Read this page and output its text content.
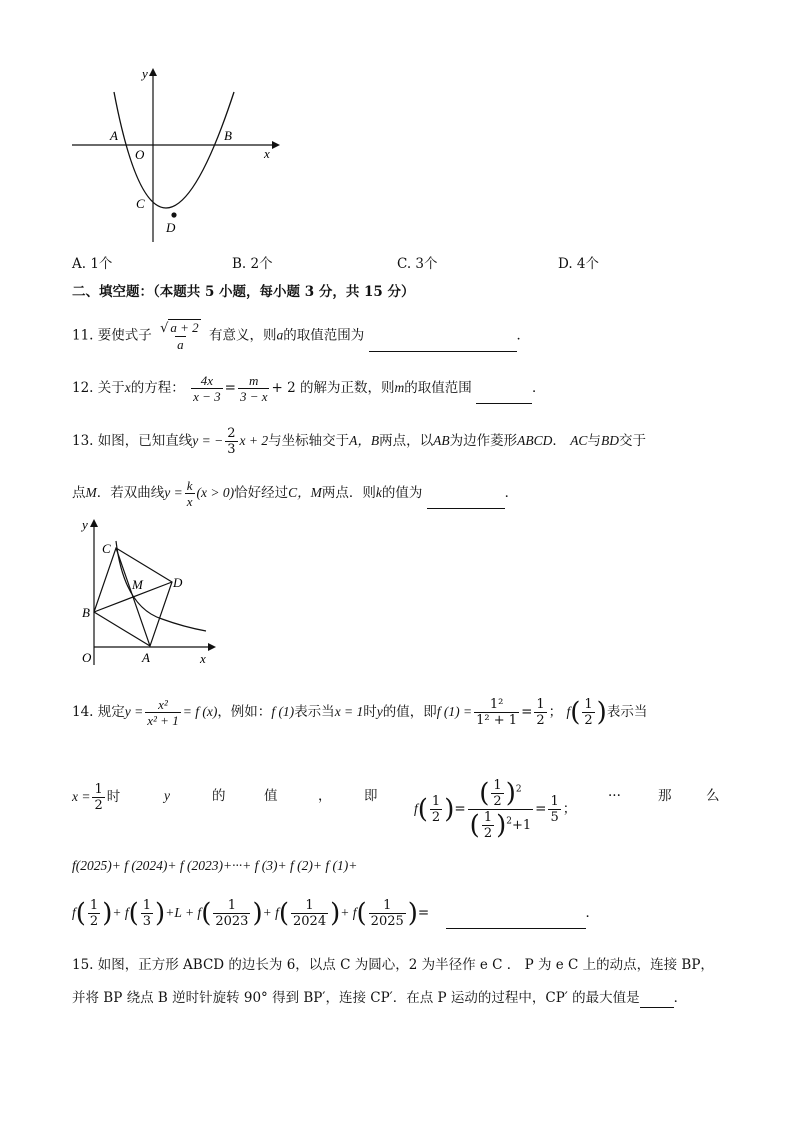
y
x
A	B
O
C
D
A. 1个	B. 2个	C. 3个	D. 4个
二、填空题：（本题共 5 小题，每小题 3 分，共 15 分）
11. 要使式子 $\frac{√ a + 2}{a}$ 有意义，则a的取值范围为	．
12. 关于x的方程： $\frac{4x}{x - 3} = \frac{m}{3 - x} + 2$ 的解为正数，则m的取值范围	．
13. 如图，已知直线y = − $\frac{2}{3}$ x + 2与坐标轴交于A，B两点，以AB为边作菱形ABCD． AC与BD交于
点M．若双曲线$y = \frac{k}{x} (x > 0)$恰好经过C，M两点．则k的值为	．
y
x
C
M D
B
O	A
14. 规定$y = \frac{\text{x²}}{\text{x² + 1}} = f$ (x)，例如：f (1)表示当x = 1时y的值，即f $(1) = \frac{\text{1²}}{\text{1² + 1}} = \frac{1}{2}$ ； $f( \frac{1}{2}$ )表示当
$x = \frac{1}{2}$ 时	y	的	值	， 即
$f( \frac{1}{2}$ )= $\frac{( \frac{1}{2} )^2}{( \frac{1}{2} )^2+1} = \frac{1}{5}$ ；
···	那	么
f(2025)+ f (2024)+ f (2023)+···+ f (3)+ f (2)+ f (1)+
$f( \frac{1}{2}$ )+ $f( \frac{1}{3} )+L + f( \frac{1}{2023}$ )+ $f( \frac{1}{2024}$ )+ $f( \frac{1}{2025}$ )=	．
15. 如图，正方形 ABCD 的边长为 6，以点 C 为圆心，2 为半径作 e C ． P 为 e C 上的动点，连接 BP，
并将 BP 绕点 B 逆时针旋转 90° 得到 BP′，连接 CP′．在点 P 运动的过程中，CP′ 的最大值是	．
